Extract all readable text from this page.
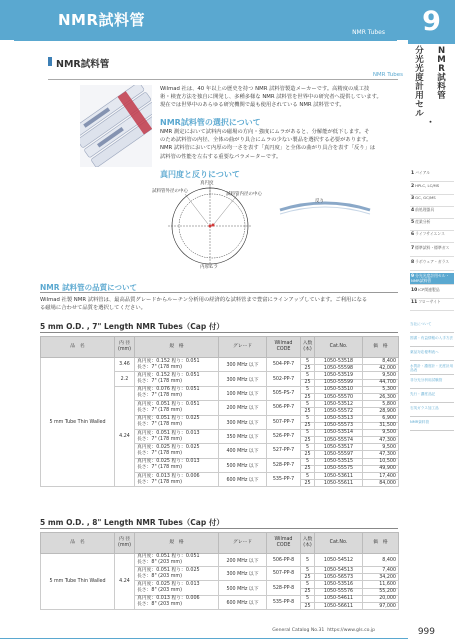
NMR試料管
NMR Tubes	9
分
光
光
度
計
用
セ
ル
・
N
M
R
試
料
管
1バイアル
2HPLC, LC/MS
3GC, GC/MS
4前処理器具
5産業分析
6ライフサイエンス
7標準試料・標準ガス
8ラボウェア・ガラス
9分光光度計用セル・NMR試料管
10ICP関連製品
11フローサイト
当社について
図書・有益情報の入手方法
薬品対応便利表へ
水質計・濃度計・光度計用品表
非分光分析用試験管
先行・濃度品記
石英ガラス加工品
NMR資料管
NMR試料管
NMR Tubes
Wilmad 社は、40 年以上の歴史を持つ NMR 試料管製造メーカーです。高精度の成工技
術・検査方法を独自に開発し、多種多様な NMR 試料管を世界中の研究者へ提供しています。
現在では世界中のあらゆる研究機関で最も使用されている NMR 試料管です。
NMR試料管の選択について
NMR 測定において試料内の磁場の方向・強度にムラがあると、分解能が低下します。そ
のため試料管の内径、全体の曲がり具合にムラの少ない製品を選択する必要があります。
NMR 試料管において内厚の均一さを表す「真円度」と全体の曲がり具合を表す「反り」は
試料管の性能を左右する重要なパラメーターです。
真円度と反りについて
真円度
試料管外径の中心
試料管内径の中心
反り
内厚ムラ
NMR 試料管の品質について
Wilmad 社製 NMR 試料管は、最高品質グレードからルーチン分析用の経済的な試料管まで豊富にラインアップしています。ご利用になる
る磁場に合わせて品質を選択してください。
5 mm O.D. , 7" Length NMR Tubes（Cap 付）
品　名	内 径
(mm)	規　格	グレード	Wilmad
CODE	入数
(本)	Cat.No.	価　格
5 mm Tube Thin Walled	3.46	真円度：0.152 程り：0.051
長さ：7" (178 mm)	300 MHz 以下	504-PP-7	5	1050-53518	8,400
					25	1050-55598	42,000
	2.2	真円度：0.152 程り：0.051
長さ：7" (178 mm)	300 MHz 以下	502-PP-7	5	1050-53519	9,500
					25	1050-55599	44,700
	4.24	真円度：0.076 程り：0.051
長さ：7" (178 mm)	100 MHz 以下	505-PS-7	5	1050-53510	5,300
					25	1050-55570	26,300
		真円度：0.051 程り：0.051
長さ：7" (178 mm)	200 MHz 以下	506-PP-7	5	1050-53512	5,800
					25	1050-55572	28,900
		真円度：0.051 程り：0.025
長さ：7" (178 mm)	300 MHz 以下	507-PP-7	5	1050-53513	6,900
					25	1050-55573	31,500
		真円度：0.051 程り：0.013
長さ：7" (178 mm)	350 MHz 以下	526-PP-7	5	1050-53514	9,500
					25	1050-55574	47,300
		真円度：0.025 程り：0.025
長さ：7" (178 mm)	400 MHz 以下	527-PP-7	5	1050-53517	9,500
					25	1050-55597	47,300
		真円度：0.025 程り：0.013
長さ：7" (178 mm)	500 MHz 以下	528-PP-7	5	1050-53515	10,500
					25	1050-55575	49,900
		真円度：0.013 程り：0.006
長さ：7" (178 mm)	600 MHz 以下	535-PP-7	5	1050-53611	17,400
					25	1050-55611	84,000
5 mm O.D. , 8" Length NMR Tubes（Cap 付）
品　名	内 径
(mm)	規　格	グレード	Wilmad
CODE	入数
(本)	Cat.No.	価　格
5 mm Tube Thin Walled	4.24	真円度：0.051 程り：0.051
長さ：8" (203 mm)	200 MHz 以下	506-PP-8	5	1050-54512	8,400
		真円度：0.051 程り：0.025
長さ：8" (203 mm)	300 MHz 以下	507-PP-8	5	1050-54513	7,400
					25	1050-56573	34,200
		真円度：0.025 程り：0.013
長さ：8" (203 mm)	500 MHz 以下	528-PP-8	5	1050-53516	11,600
					25	1050-55576	55,200
		真円度：0.013 程り：0.006
長さ：8" (203 mm)	600 MHz 以下	535-PP-8	5	1050-54611	20,000
					25	1050-56611	97,000
General Catalog No.31 https://www.gls.co.jp	999
